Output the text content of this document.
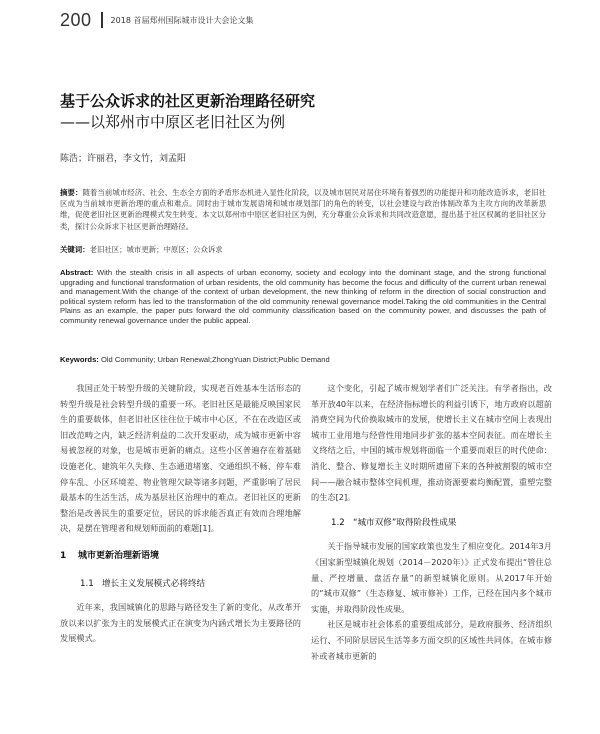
200 2018 首届郑州国际城市设计大会论文集
基于公众诉求的社区更新治理路径研究
——以郑州市中原区老旧社区为例
陈浩；许丽君，李文竹，刘孟阳
摘要：随着当前城市经济、社会、生态全方面的矛盾形态机进入显性化阶段，以及城市居民对居住环境有着强烈的功能提升和功能改造诉求，老旧社区成为当前城市更新治理的重点和难点。同时由于城市发展语境和城市规划部门的角色的转变，以社会建设与政治体制改革为主攻方向的改革新思维，促使老旧社区更新治理模式发生转变。本文以郑州市中原区老旧社区为例，充分尊重公众诉求和共同改造意愿，提出基于社区权属的老旧社区分类，探讨公众诉求下社区更新治理路径。
关键词：老旧社区；城市更新；中原区；公众诉求
Abstract: With the stealth crisis in all aspects of urban economy, society and ecology into the dominant stage, and the strong functional upgrading and functional transformation of urban residents, the old community has become the focus and difficulty of the current urban renewal and management.With the change of the context of urban development, the new thinking of reform in the direction of social construction and political system reform has led to the transformation of the old community renewal governance model.Taking the old communities in the Central Plains as an example, the paper puts forward the old community classification based on the community power, and discusses the path of community renewal governance under the public appeal.
Keywords: Old Community; Urban Renewal;ZhongYuan District;Public Demand

我国正处于转型升级的关键阶段，实现老百姓基本生活形态的转型升级是社会转型升级的重要一环。老旧社区是最能反映国家民生的重要载体，但老旧社区往往位于城市中心区，不在在改造区或旧改范畴之内，缺乏经济利益的二次开发驱动，成为城市更新中容易被忽视的对象，也是城市更新的痛点。这些小区普遍存在着基础设施老化、建筑年久失修、生态通道堵塞、交通组织不畅、停车难停车乱、小区环境差、物业管理欠缺等诸多问题，严重影响了居民最基本的生活生活，成为基层社区治理中的难点。老旧社区的更新整治是改善民生的重要定位，居民的诉求能否真正有效而合理地解决，是摆在管理者和规划师面前的难题[1]。

1 城市更新治理新语境
1.1 增长主义发展模式必将终结

近年来，我国城镇化的思路与路径发生了新的变化，从改革开放以来以扩张为主的发展模式正在演变为内涵式增长为主要路径的发展模式。

这个变化，引起了城市规划学者们广泛关注。有学者指出，改革开放40年以来，在经济指标增长的利益引诱下，地方政府以超前消费空间为代价换取城市的发展，使增长主义在城市空间上表现出城市工业用地与经营性用地同步扩张的基本空间表征。而在增长主义终结之后，中国的城市规划将面临一个重要而艰巨的时代使命：消化、整合、修复增长主义时期所遗留下来的各种被割裂的城市空间——融合城市整体空间机理，推动资源要素均衡配置，重塑完整的生态[2]。

1.2 “城市双修”取得阶段性成果

关于指导城市发展的国家政策也发生了相应变化。2014年3月《国家新型城镇化规划（2014－2020年）》正式发布提出“管住总量、严控增量、盘活存量”的新型城镇化原则。从2017年开始的“城市双修”（生态修复、城市修补）工作，已经在国内多个城市实施，并取得阶段性成果。

社区是城市社会体系的重要组成部分，是政府服务、经济组织运行、不同阶层居民生活等多方面交织的区域性共同体。在城市修补或者城市更新的
